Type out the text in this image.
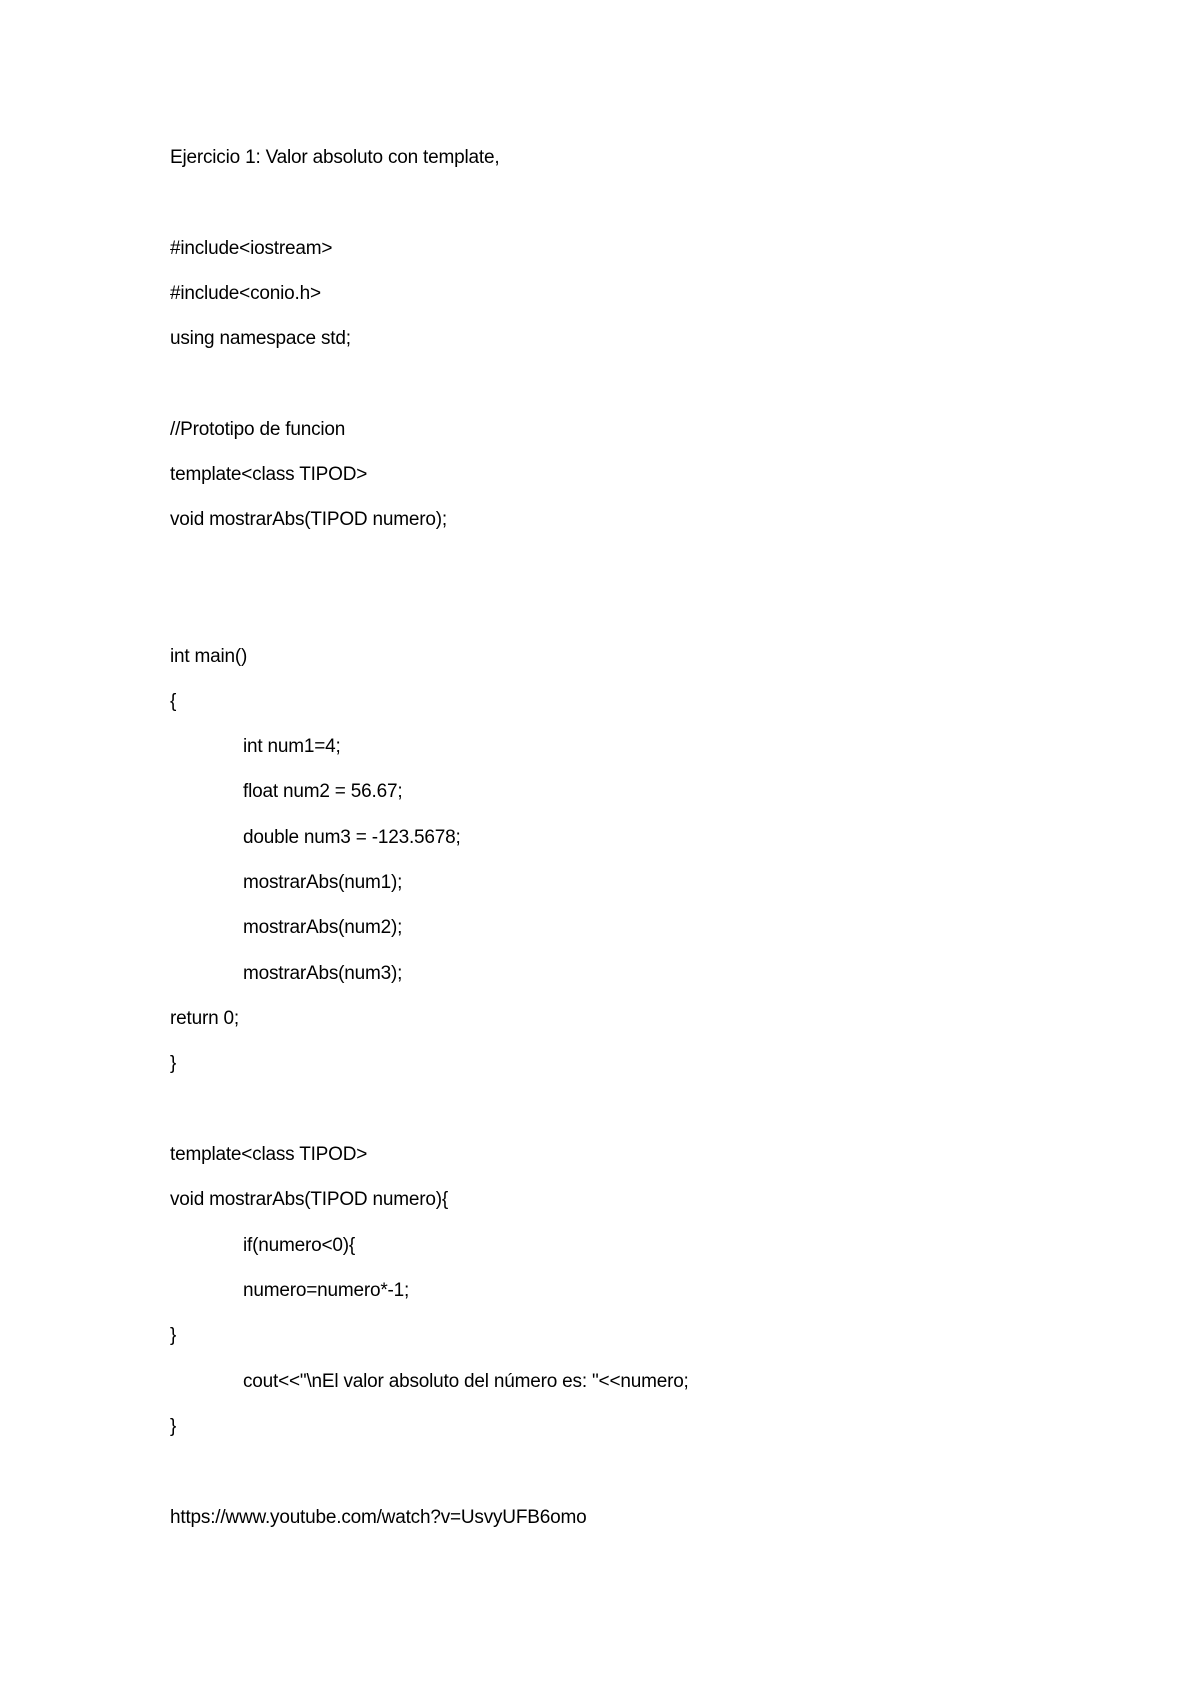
Ejercicio 1: Valor absoluto con template,
#include<iostream>
#include<conio.h>
using namespace std;
//Prototipo de funcion
template<class TIPOD>
void mostrarAbs(TIPOD numero);
int main()
{
int num1=4;
float num2 = 56.67;
double num3 = -123.5678;
mostrarAbs(num1);
mostrarAbs(num2);
mostrarAbs(num3);
return 0;
}
template<class TIPOD>
void mostrarAbs(TIPOD numero){
if(numero<0){
numero=numero*-1;
}
cout<<"\nEl valor absoluto del número es: "<<numero;
}
https://www.youtube.com/watch?v=UsvyUFB6omo
